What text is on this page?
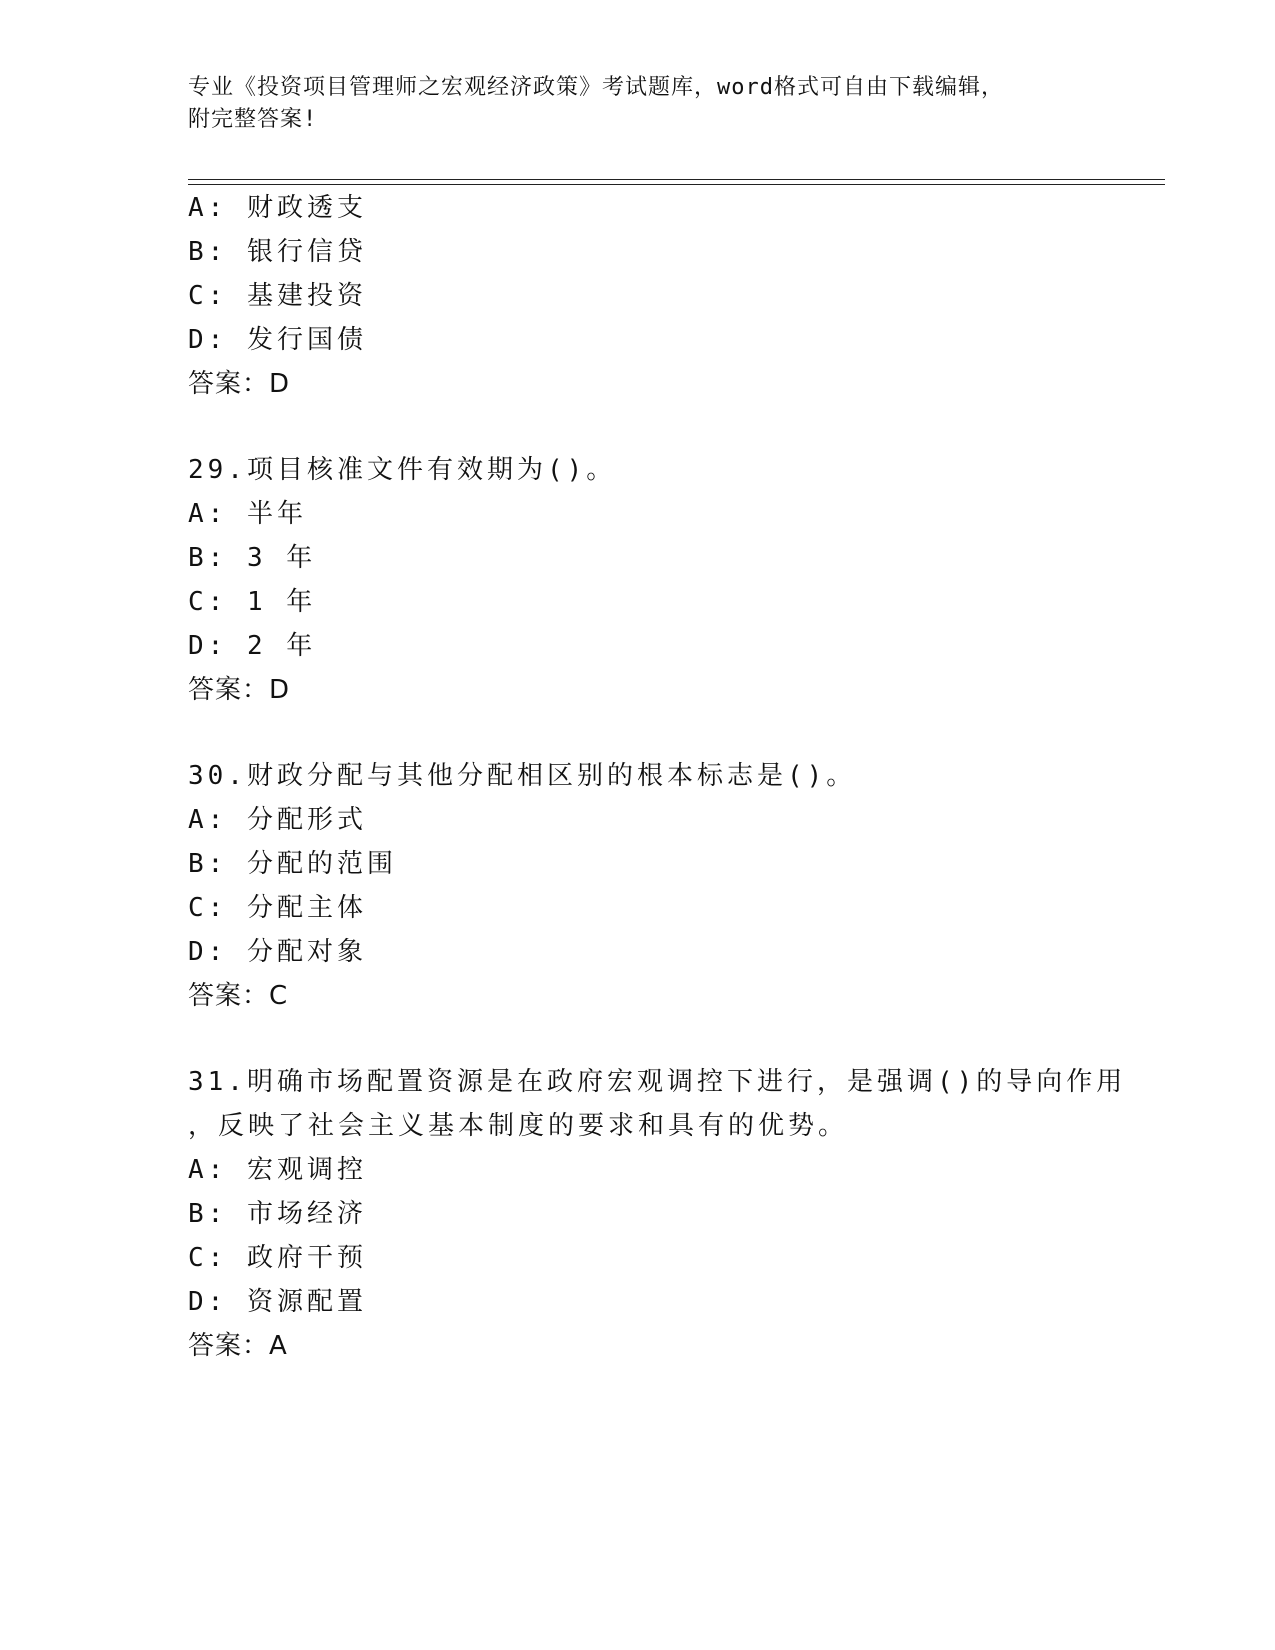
专业《投资项目管理师之宏观经济政策》考试题库，word格式可自由下载编辑，
附完整答案!
A: 财政透支
B: 银行信贷
C: 基建投资
D: 发行国债
答案：D
29.项目核准文件有效期为()。
A: 半年
B: 3 年
C: 1 年
D: 2 年
答案：D
30.财政分配与其他分配相区别的根本标志是()。
A: 分配形式
B: 分配的范围
C: 分配主体
D: 分配对象
答案：C
31.明确市场配置资源是在政府宏观调控下进行，是强调()的导向作用
，反映了社会主义基本制度的要求和具有的优势。
A: 宏观调控
B: 市场经济
C: 政府干预
D: 资源配置
答案：A
